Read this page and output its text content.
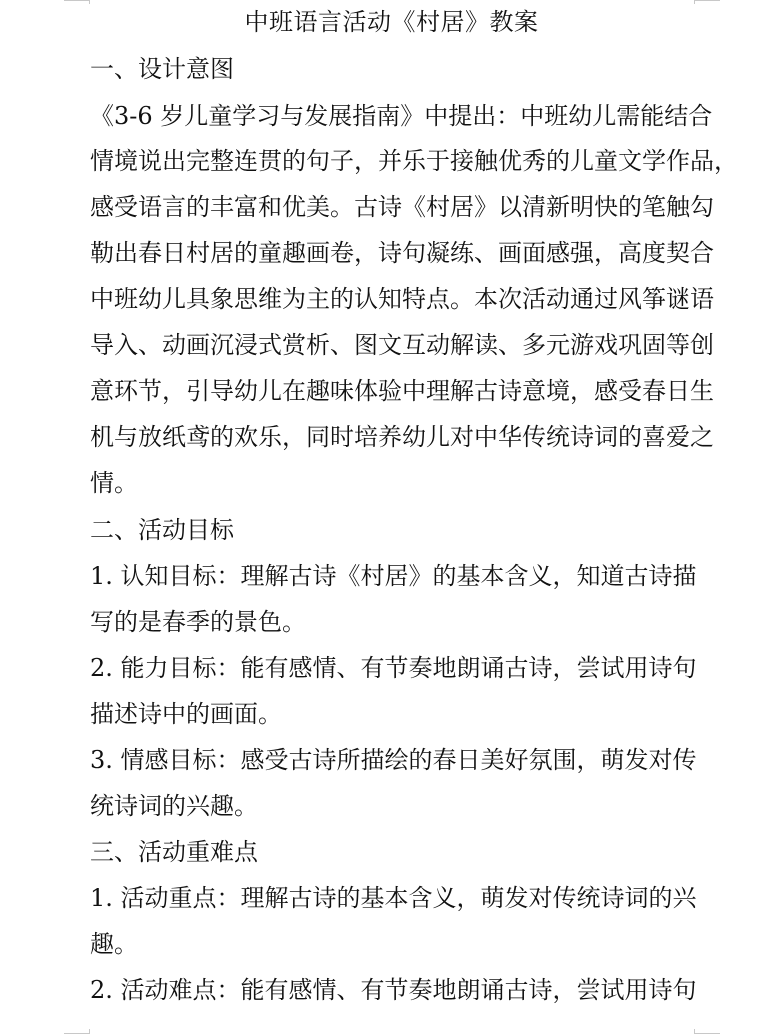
中班语言活动《村居》教案
一、设计意图
《3-6 岁儿童学习与发展指南》中提出：中班幼儿需能结合
情境说出完整连贯的句子，并乐于接触优秀的儿童文学作品，
感受语言的丰富和优美。古诗《村居》以清新明快的笔触勾
勒出春日村居的童趣画卷，诗句凝练、画面感强，高度契合
中班幼儿具象思维为主的认知特点。本次活动通过风筝谜语
导入、动画沉浸式赏析、图文互动解读、多元游戏巩固等创
意环节，引导幼儿在趣味体验中理解古诗意境，感受春日生
机与放纸鸢的欢乐，同时培养幼儿对中华传统诗词的喜爱之
情。
二、活动目标
1. 认知目标：理解古诗《村居》的基本含义，知道古诗描
写的是春季的景色。
2. 能力目标：能有感情、有节奏地朗诵古诗，尝试用诗句
描述诗中的画面。
3. 情感目标：感受古诗所描绘的春日美好氛围，萌发对传
统诗词的兴趣。
三、活动重难点
1. 活动重点：理解古诗的基本含义，萌发对传统诗词的兴
趣。
2. 活动难点：能有感情、有节奏地朗诵古诗，尝试用诗句
